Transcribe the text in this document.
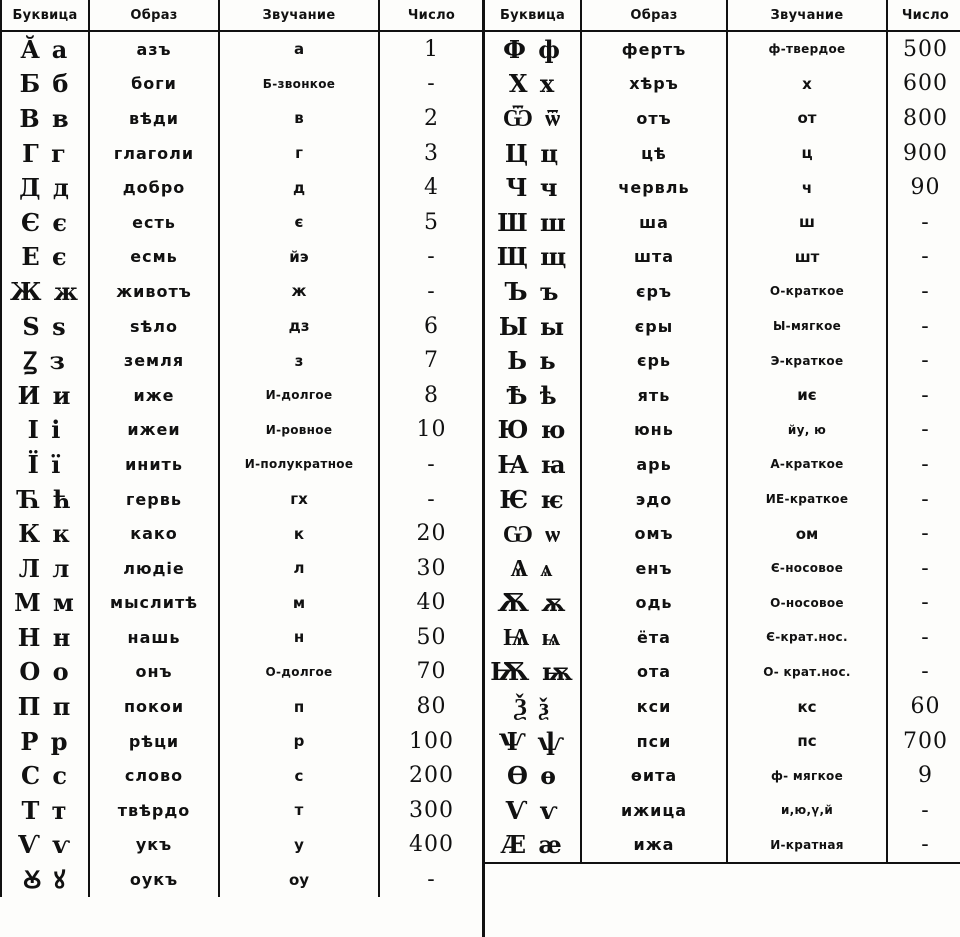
Буквица	Образ	Звучание	Число
Ă a	азъ	а	1
Б б	боги	Б-звонкое	-
В в	вѣди	в	2
Г г	глаголи	г	3
Д д	добро	д	4
Є є	есть	є	5
Е є	есмь	йэ	-
Ж ж	животъ	ж	-
Ѕ ѕ	ѕѣло	дз	6
Ꙁ з	земля	з	7
И и	иже	И-долгое	8
І і	ижеи	И-ровное	10
Ї ї	инить	И-полукратное	-
Ћ ћ	гервь	гх	-
К к	како	к	20
Л л	людіе	л	30
М м	мыслитѣ	м	40
Н н	нашь	н	50
О о	онъ	О-долгое	70
П п	покои	п	80
Р р	рѣци	р	100
С с	слово	с	200
Т т	твѣрдо	т	300
Ѵ ѵ	укъ	у	400
Ꙋ ꙋ	оукъ	оу	-
Буквица	Образ	Звучание	Число
Ф ф	фертъ	ф-твердое	500
Х х	хѣръ	х	600
Ѿ ѿ	отъ	от	800
Ц ц	цѣ	ц	900
Ч ч	червль	ч	90
Ш ш	ша	ш	-
Щ щ	шта	шт	-
Ъ ъ	єръ	О-краткое	-
Ы ы	єры	Ы-мягкое	-
Ь ь	єрь	Э-краткое	-
Ѣ ѣ	ять	иє	-
Ю ю	юнь	йу, ю	-
Ꙗ ꙗ	арь	А-краткое	-
Ѥ ѥ	эдо	ИЕ-краткое	-
Ѡ ѡ	омъ	ом	-
Ѧ ѧ	енъ	Є-носовое	-
Ѫ ѫ	одь	О-носовое	-
Ѩ ѩ	ёта	Є-крат.нос.	-
Ѭ ѭ	ота	О- крат.нос.	-
Ѯ ѯ	кси	кс	60
Ѱ ѱ	пси	пс	700
Ѳ ѳ	ѳита	ф- мягкое	9
Ѵ ѵ	ижица	и,ю,ү,й	-
Æ æ	ижа	И-кратная	-
